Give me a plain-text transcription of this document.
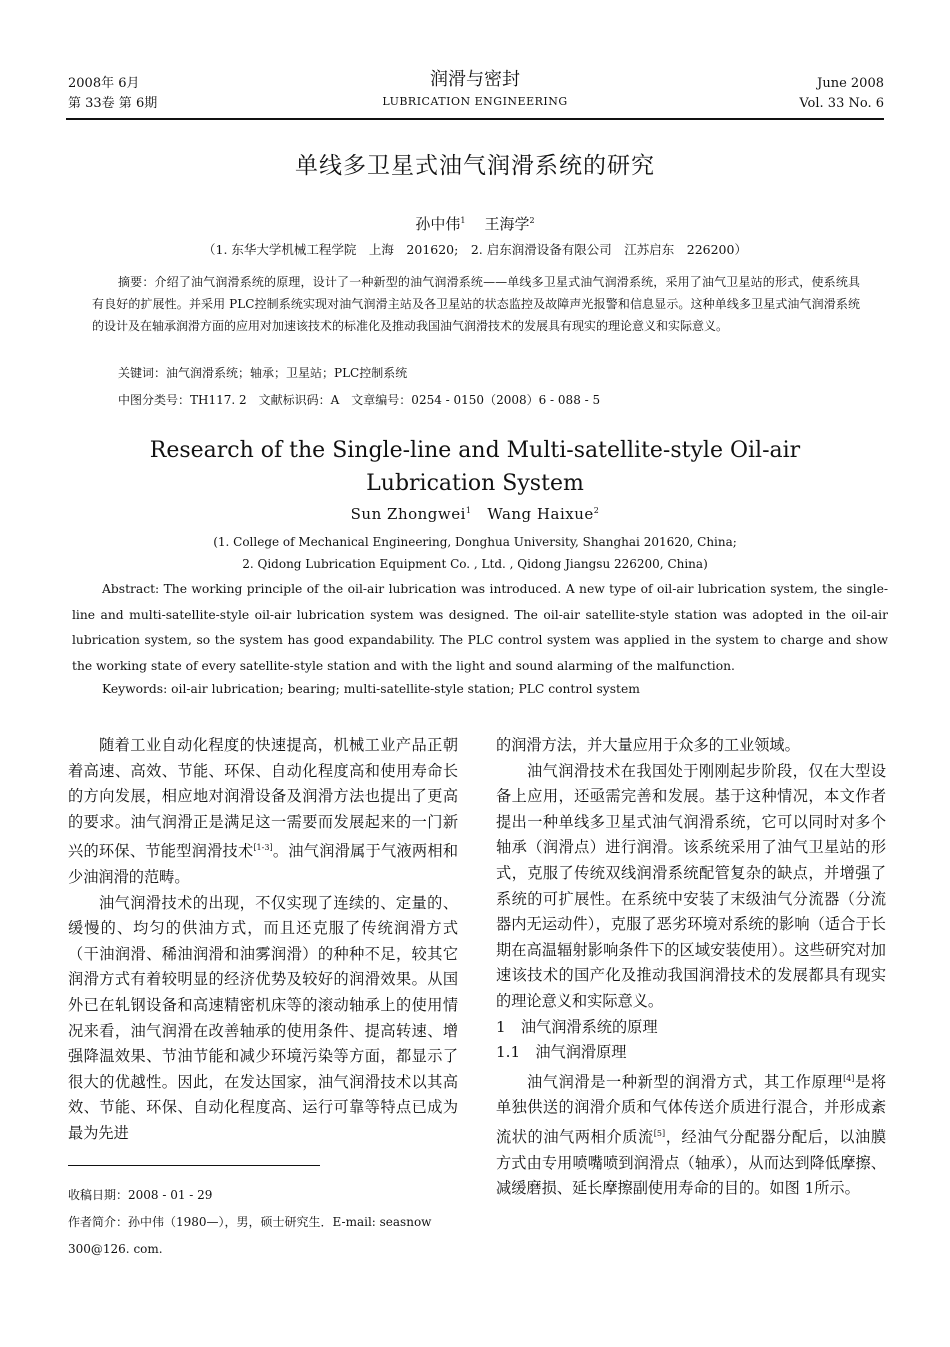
2008年 6月
第 33卷 第 6期
润滑与密封
LUBRICATION ENGINEERING
June 2008
Vol. 33 No. 6
单线多卫星式油气润滑系统的研究
孙中伟$^1$ 王海学$^2$
（1. 东华大学机械工程学院　上海　201620;　2. 启东润滑设备有限公司　江苏启东　226200）

摘要：介绍了油气润滑系统的原理，设计了一种新型的油气润滑系统——单线多卫星式油气润滑系统，采用了油气卫星站的形式，使系统具有良好的扩展性。并采用 PLC控制系统实现对油气润滑主站及各卫星站的状态监控及故障声光报警和信息显示。这种单线多卫星式油气润滑系统的设计及在轴承润滑方面的应用对加速该技术的标准化及推动我国油气润滑技术的发展具有现实的理论意义和实际意义。

关键词：油气润滑系统；轴承；卫星站；PLC控制系统
中图分类号：TH117. 2　文献标识码：A　文章编号：0254 - 0150（2008）6 - 088 - 5
Research of the Single-line and Multi-satellite-style Oil-air
Lubrication System
Sun Zhongwei$^1$ Wang Haixue$^2$
(1. College of Mechanical Engineering, Donghua University, Shanghai 201620, China;
2. Qidong Lubrication Equipment Co. , Ltd. , Qidong Jiangsu 226200, China)

Abstract: The working principle of the oil-air lubrication was introduced. A new type of oil-air lubrication system, the single-line and multi-satellite-style oil-air lubrication system was designed. The oil-air satellite-style station was adopted in the oil-air lubrication system, so the system has good expandability. The PLC control system was applied in the system to charge and show the working state of every satellite-style station and with the light and sound alarming of the malfunction.

Keywords: oil-air lubrication; bearing; multi-satellite-style station; PLC control system

随着工业自动化程度的快速提高，机械工业产品正朝着高速、高效、节能、环保、自动化程度高和使用寿命长的方向发展，相应地对润滑设备及润滑方法也提出了更高的要求。油气润滑正是满足这一需要而发展起来的一门新兴的环保、节能型润滑技术[1-3]。油气润滑属于气液两相和少油润滑的范畴。

油气润滑技术的出现，不仅实现了连续的、定量的、缓慢的、均匀的供油方式，而且还克服了传统润滑方式（干油润滑、稀油润滑和油雾润滑）的种种不足，较其它润滑方式有着较明显的经济优势及较好的润滑效果。从国外已在轧钢设备和高速精密机床等的滚动轴承上的使用情况来看，油气润滑在改善轴承的使用条件、提高转速、增强降温效果、节油节能和减少环境污染等方面，都显示了很大的优越性。因此，在发达国家，油气润滑技术以其高效、节能、环保、自动化程度高、运行可靠等特点已成为最为先进

的润滑方法，并大量应用于众多的工业领域。

油气润滑技术在我国处于刚刚起步阶段，仅在大型设备上应用，还亟需完善和发展。基于这种情况，本文作者提出一种单线多卫星式油气润滑系统，它可以同时对多个轴承（润滑点）进行润滑。该系统采用了油气卫星站的形式，克服了传统双线润滑系统配管复杂的缺点，并增强了系统的可扩展性。在系统中安装了末级油气分流器（分流器内无运动件），克服了恶劣环境对系统的影响（适合于长期在高温辐射影响条件下的区域安装使用）。这些研究对加速该技术的国产化及推动我国润滑技术的发展都具有现实的理论意义和实际意义。

1　油气润滑系统的原理

1.1　油气润滑原理

油气润滑是一种新型的润滑方式，其工作原理[4]是将单独供送的润滑介质和气体传送介质进行混合，并形成紊流状的油气两相介质流[5]，经油气分配器分配后，以油膜方式由专用喷嘴喷到润滑点（轴承），从而达到降低摩擦、减缓磨损、延长摩擦副使用寿命的目的。如图 1所示。

收稿日期：2008 - 01 - 29
作者简介：孙中伟（1980—），男，硕士研究生．E-mail: seasnow
300@126. com.
